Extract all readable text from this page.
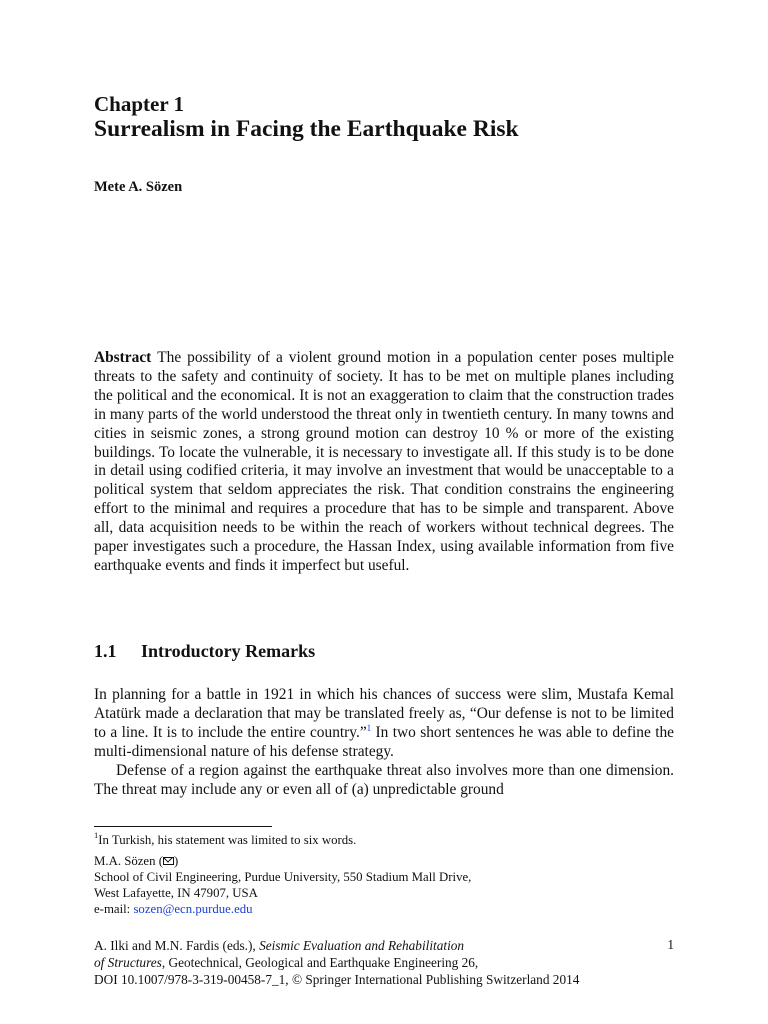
Chapter 1
Surrealism in Facing the Earthquake Risk
Mete A. Sözen
Abstract The possibility of a violent ground motion in a population center poses multiple threats to the safety and continuity of society. It has to be met on multiple planes including the political and the economical. It is not an exaggeration to claim that the construction trades in many parts of the world understood the threat only in twentieth century. In many towns and cities in seismic zones, a strong ground motion can destroy 10 % or more of the existing buildings. To locate the vulnerable, it is necessary to investigate all. If this study is to be done in detail using codified criteria, it may involve an investment that would be unacceptable to a political system that seldom appreciates the risk. That condition constrains the engineering effort to the minimal and requires a procedure that has to be simple and transparent. Above all, data acquisition needs to be within the reach of workers without technical degrees. The paper investigates such a procedure, the Hassan Index, using available information from five earthquake events and finds it imperfect but useful.
1.1 Introductory Remarks

In planning for a battle in 1921 in which his chances of success were slim, Mustafa Kemal Atatürk made a declaration that may be translated freely as, “Our defense is not to be limited to a line. It is to include the entire country.”$^1$ In two short sentences he was able to define the multi-dimensional nature of his defense strategy.

Defense of a region against the earthquake threat also involves more than one dimension. The threat may include any or even all of (a) unpredictable ground

$^1$In Turkish, his statement was limited to six words.
M.A. Sözen ( )
School of Civil Engineering, Purdue University, 550 Stadium Mall Drive,
West Lafayette, IN 47907, USA
e-mail: sozen@ecn.purdue.edu
A. Ilki and M.N. Fardis (eds.), Seismic Evaluation and Rehabilitation
of Structures, Geotechnical, Geological and Earthquake Engineering 26,
DOI 10.1007/978-3-319-00458-7_1, © Springer International Publishing Switzerland 2014
1
